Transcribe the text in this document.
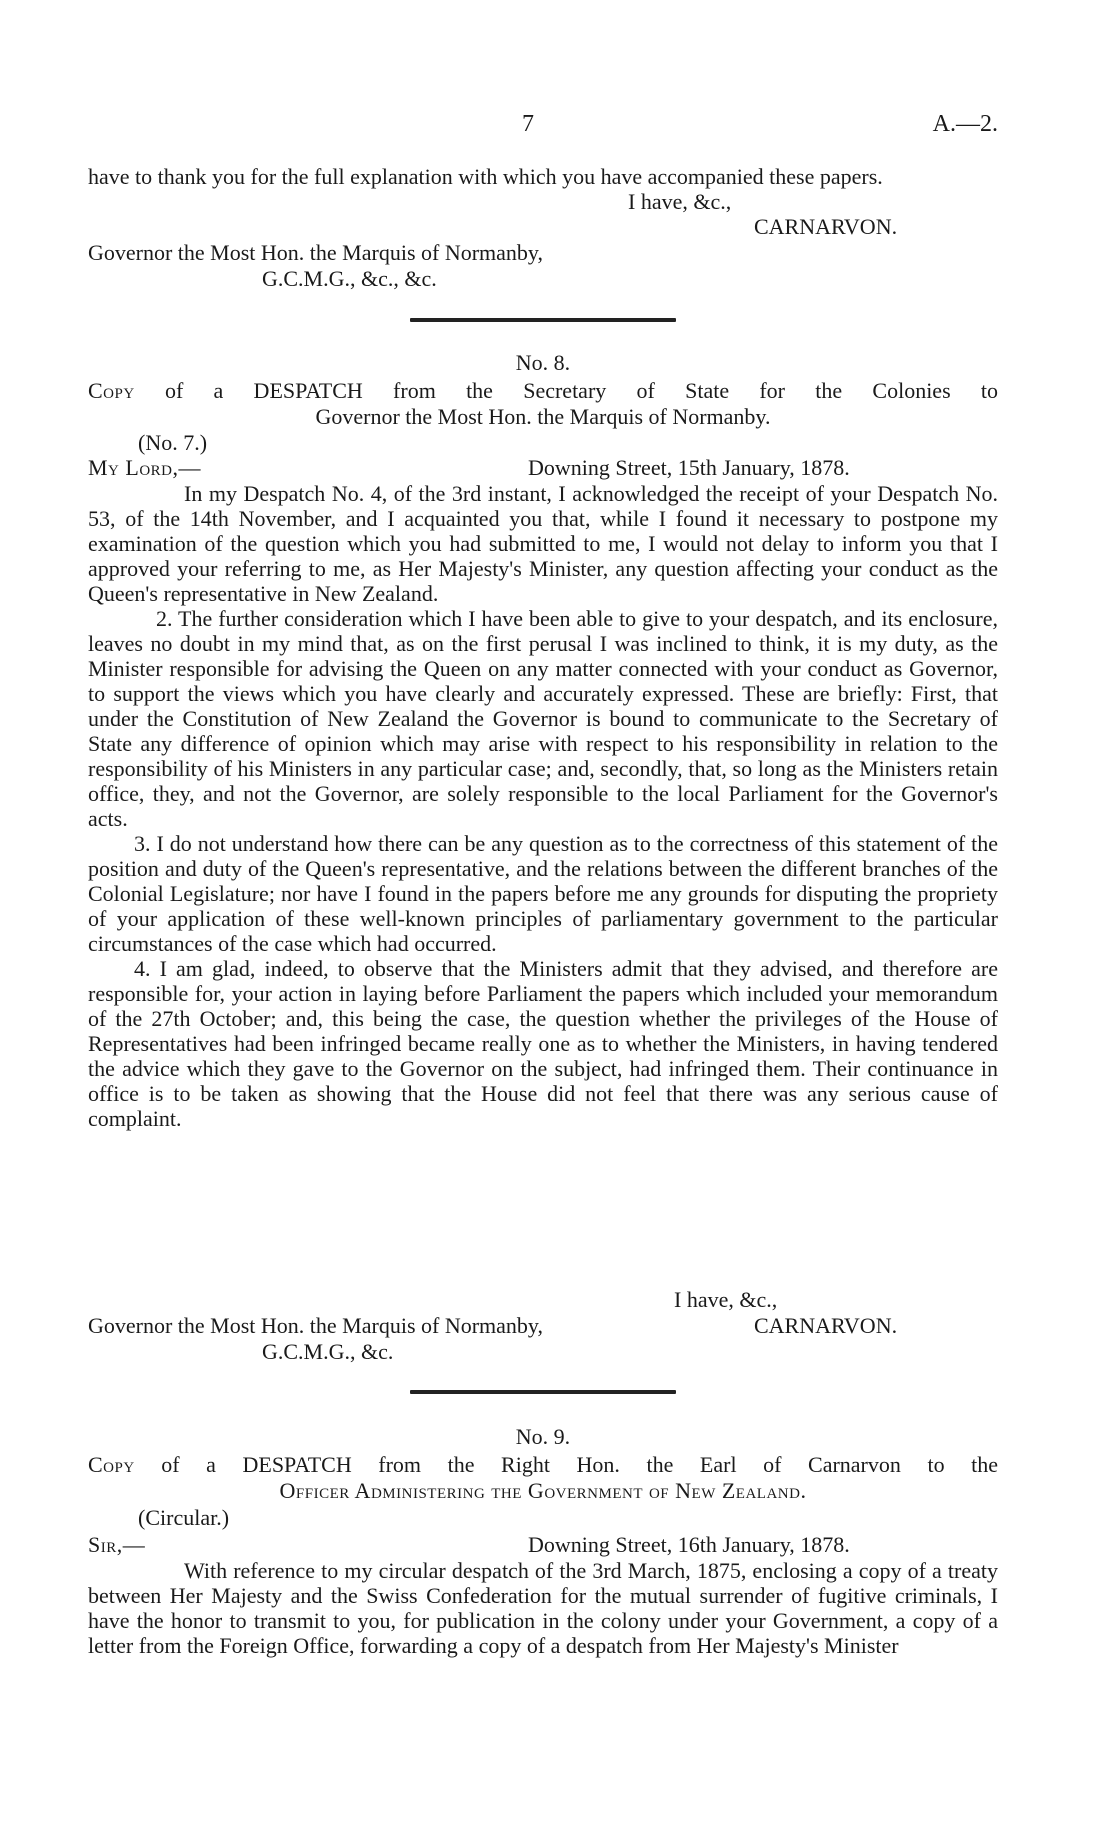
7	A.—2.

have to thank you for the full explanation with which you have accompanied these papers.

I have, &c.,
CARNARVON.
Governor the Most Hon. the Marquis of Normanby,
G.C.M.G., &c., &c.
No. 8.

Copy of a DESPATCH from the Secretary of State for the Colonies to

Governor the Most Hon. the Marquis of Normanby.
(No. 7.)
My Lord,—	Downing Street, 15th January, 1878.

In my Despatch No. 4, of the 3rd instant, I acknowledged the receipt of your Despatch No. 53, of the 14th November, and I acquainted you that, while I found it necessary to postpone my examination of the question which you had submitted to me, I would not delay to inform you that I approved your referring to me, as Her Majesty's Minister, any question affecting your conduct as the Queen's representative in New Zealand.

2. The further consideration which I have been able to give to your despatch, and its enclosure, leaves no doubt in my mind that, as on the first perusal I was inclined to think, it is my duty, as the Minister responsible for advising the Queen on any matter connected with your conduct as Governor, to support the views which you have clearly and accurately expressed. These are briefly: First, that under the Constitution of New Zealand the Governor is bound to communicate to the Secretary of State any difference of opinion which may arise with respect to his responsibility in relation to the responsibility of his Ministers in any particular case; and, secondly, that, so long as the Ministers retain office, they, and not the Governor, are solely responsible to the local Parliament for the Governor's acts.

3. I do not understand how there can be any question as to the correctness of this statement of the position and duty of the Queen's representative, and the relations between the different branches of the Colonial Legislature; nor have I found in the papers before me any grounds for disputing the propriety of your application of these well-known principles of parliamentary government to the particular circumstances of the case which had occurred.

4. I am glad, indeed, to observe that the Ministers admit that they advised, and therefore are responsible for, your action in laying before Parliament the papers which included your memorandum of the 27th October; and, this being the case, the question whether the privileges of the House of Representatives had been infringed became really one as to whether the Ministers, in having tendered the advice which they gave to the Governor on the subject, had infringed them. Their continuance in office is to be taken as showing that the House did not feel that there was any serious cause of complaint.

I have, &c.,
Governor the Most Hon. the Marquis of Normanby,	CARNARVON.
G.C.M.G., &c.
No. 9.

Copy of a DESPATCH from the Right Hon. the Earl of Carnarvon to the

Officer Administering the Government of New Zealand.
(Circular.)
Sir,—	Downing Street, 16th January, 1878.

With reference to my circular despatch of the 3rd March, 1875, enclosing a copy of a treaty between Her Majesty and the Swiss Confederation for the mutual surrender of fugitive criminals, I have the honor to transmit to you, for publication in the colony under your Government, a copy of a letter from the Foreign Office, forwarding a copy of a despatch from Her Majesty's Minister
